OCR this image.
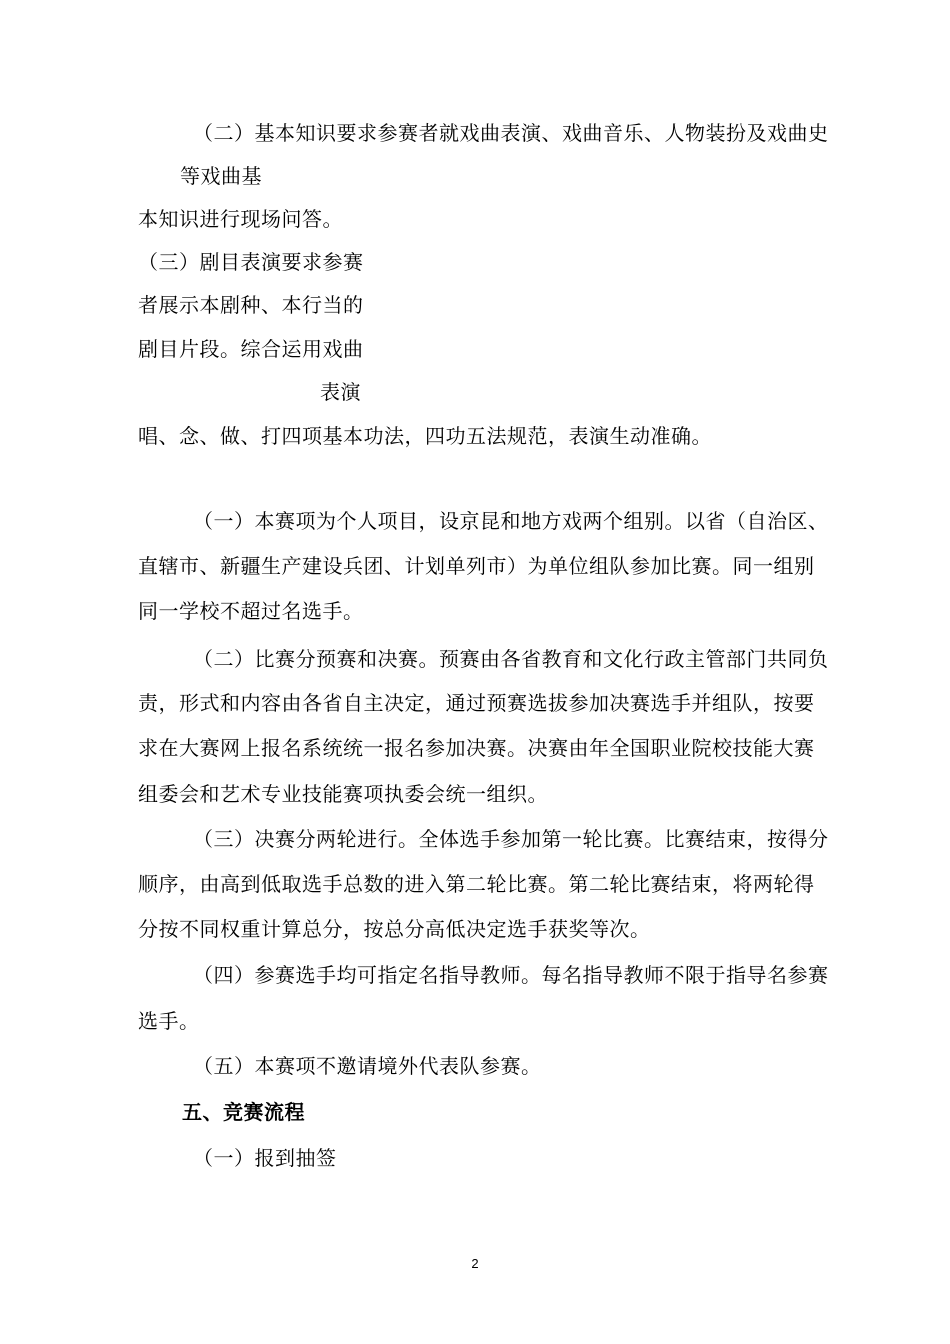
（二）基本知识要求参赛者就戏曲表演、戏曲音乐、人物装扮及戏曲史
等戏曲基
本知识进行现场问答。
（三）剧目表演要求参赛
者展示本剧种、本行当的
剧目片段。综合运用戏曲
表演
唱、念、做、打四项基本功法，四功五法规范，表演生动准确。
（一）本赛项为个人项目，设京昆和地方戏两个组别。以省（自治区、
直辖市、新疆生产建设兵团、计划单列市）为单位组队参加比赛。同一组别
同一学校不超过名选手。
（二）比赛分预赛和决赛。预赛由各省教育和文化行政主管部门共同负
责，形式和内容由各省自主决定，通过预赛选拔参加决赛选手并组队，按要
求在大赛网上报名系统统一报名参加决赛。决赛由年全国职业院校技能大赛
组委会和艺术专业技能赛项执委会统一组织。
（三）决赛分两轮进行。全体选手参加第一轮比赛。比赛结束，按得分
顺序，由高到低取选手总数的进入第二轮比赛。第二轮比赛结束，将两轮得
分按不同权重计算总分，按总分高低决定选手获奖等次。
（四）参赛选手均可指定名指导教师。每名指导教师不限于指导名参赛
选手。
（五）本赛项不邀请境外代表队参赛。
五、竞赛流程
（一）报到抽签
2
